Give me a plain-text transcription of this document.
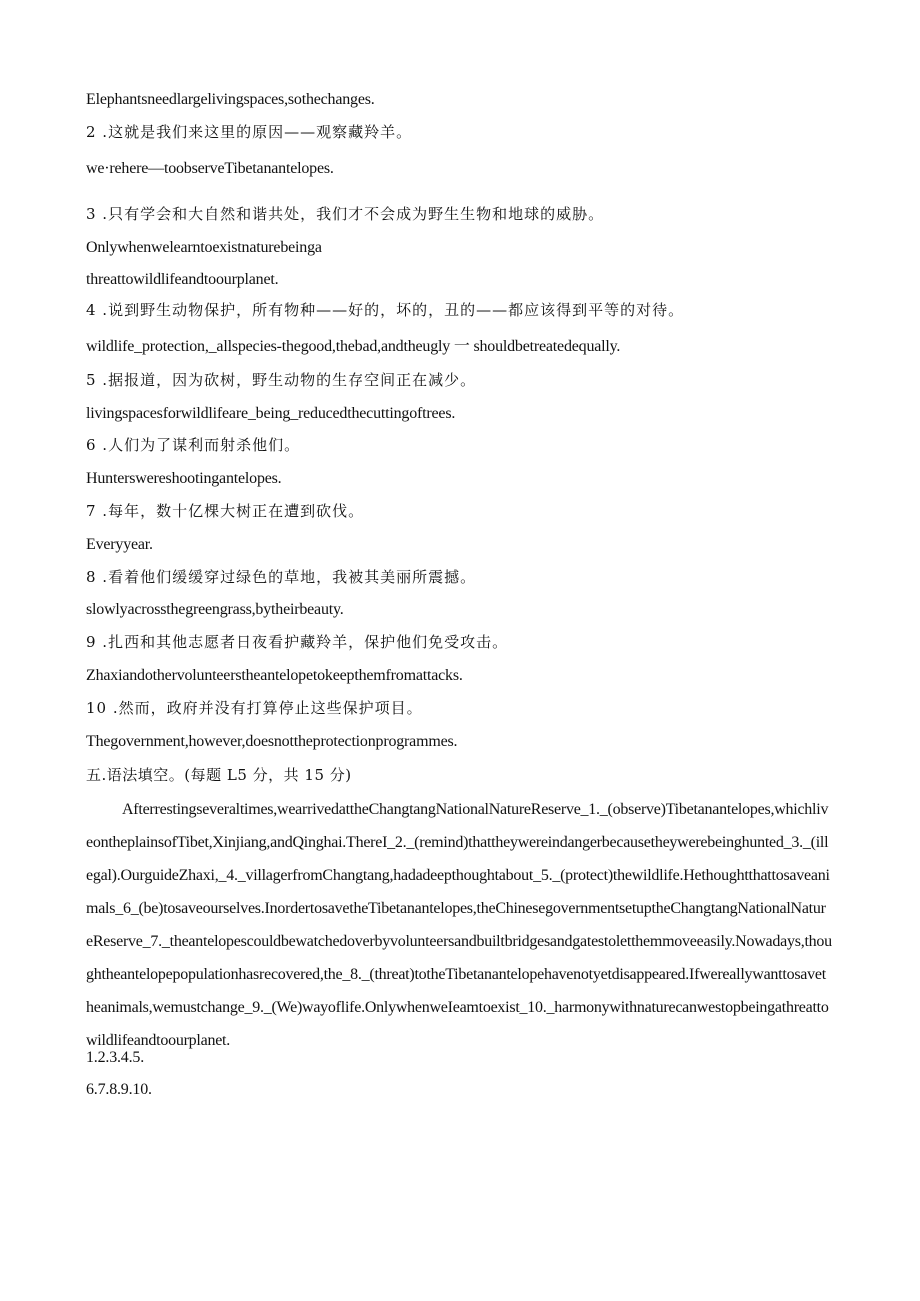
Elephantsneedlargelivingspaces,sothechanges.
2 .这就是我们来这里的原因——观察藏羚羊。
we·rehere—toobserveTibetanantelopes.
3 .只有学会和大自然和谐共处，我们才不会成为野生生物和地球的威胁。
Onlywhenwelearntoexistnaturebeinga
threattowildlifeandtoourplanet.
4 .说到野生动物保护，所有物种——好的，坏的，丑的——都应该得到平等的对待。
wildlife_protection,_allspecies-thegood,thebad,andtheugly 一 shouldbetreatedequally.
5 .据报道，因为砍树，野生动物的生存空间正在减少。
livingspacesforwildlifeare_being_reducedthecuttingoftrees.
6 .人们为了谋利而射杀他们。
Hunterswereshootingantelopes.
7 .每年，数十亿棵大树正在遭到砍伐。
Everyyear.
8 .看着他们缓缓穿过绿色的草地，我被其美丽所震撼。
slowlyacrossthegreengrass,bytheirbeauty.
9 .扎西和其他志愿者日夜看护藏羚羊，保护他们免受攻击。
Zhaxiandothervolunteerstheantelopetokeepthemfromattacks.
10 .然而，政府并没有打算停止这些保护项目。
Thegovernment,however,doesnottheprotectionprogrammes.
五.语法填空。(每题 L5 分，共 15 分)

Afterrestingseveraltimes,wearrivedattheChangtangNationalNatureReserve_1._(observe)Tibetanantelopes,whichliveontheplainsofTibet,Xinjiang,andQinghai.ThereI_2._(remind)thattheywereindangerbecausetheywerebeinghunted_3._(illegal).OurguideZhaxi,_4._villagerfromChangtang,hadadeepthoughtabout_5._(protect)thewildlife.Hethoughtthattosaveanimals_6_(be)tosaveourselves.InordertosavetheTibetanantelopes,theChinesegovernmentsetuptheChangtangNationalNatureReserve_7._theantelopescouldbewatchedoverbyvolunteersandbuiltbridgesandgatestoletthemmoveeasily.Nowadays,thoughtheantelopepopulationhasrecovered,the_8._(threat)totheTibetanantelopehavenotyetdisappeared.Ifwereallywanttosavetheanimals,wemustchange_9._(We)wayoflife.OnlywhenweIeamtoexist_10._harmonywithnaturecanwestopbeingathreattowildlifeandtoourplanet.

1.2.3.4.5.
6.7.8.9.10.
